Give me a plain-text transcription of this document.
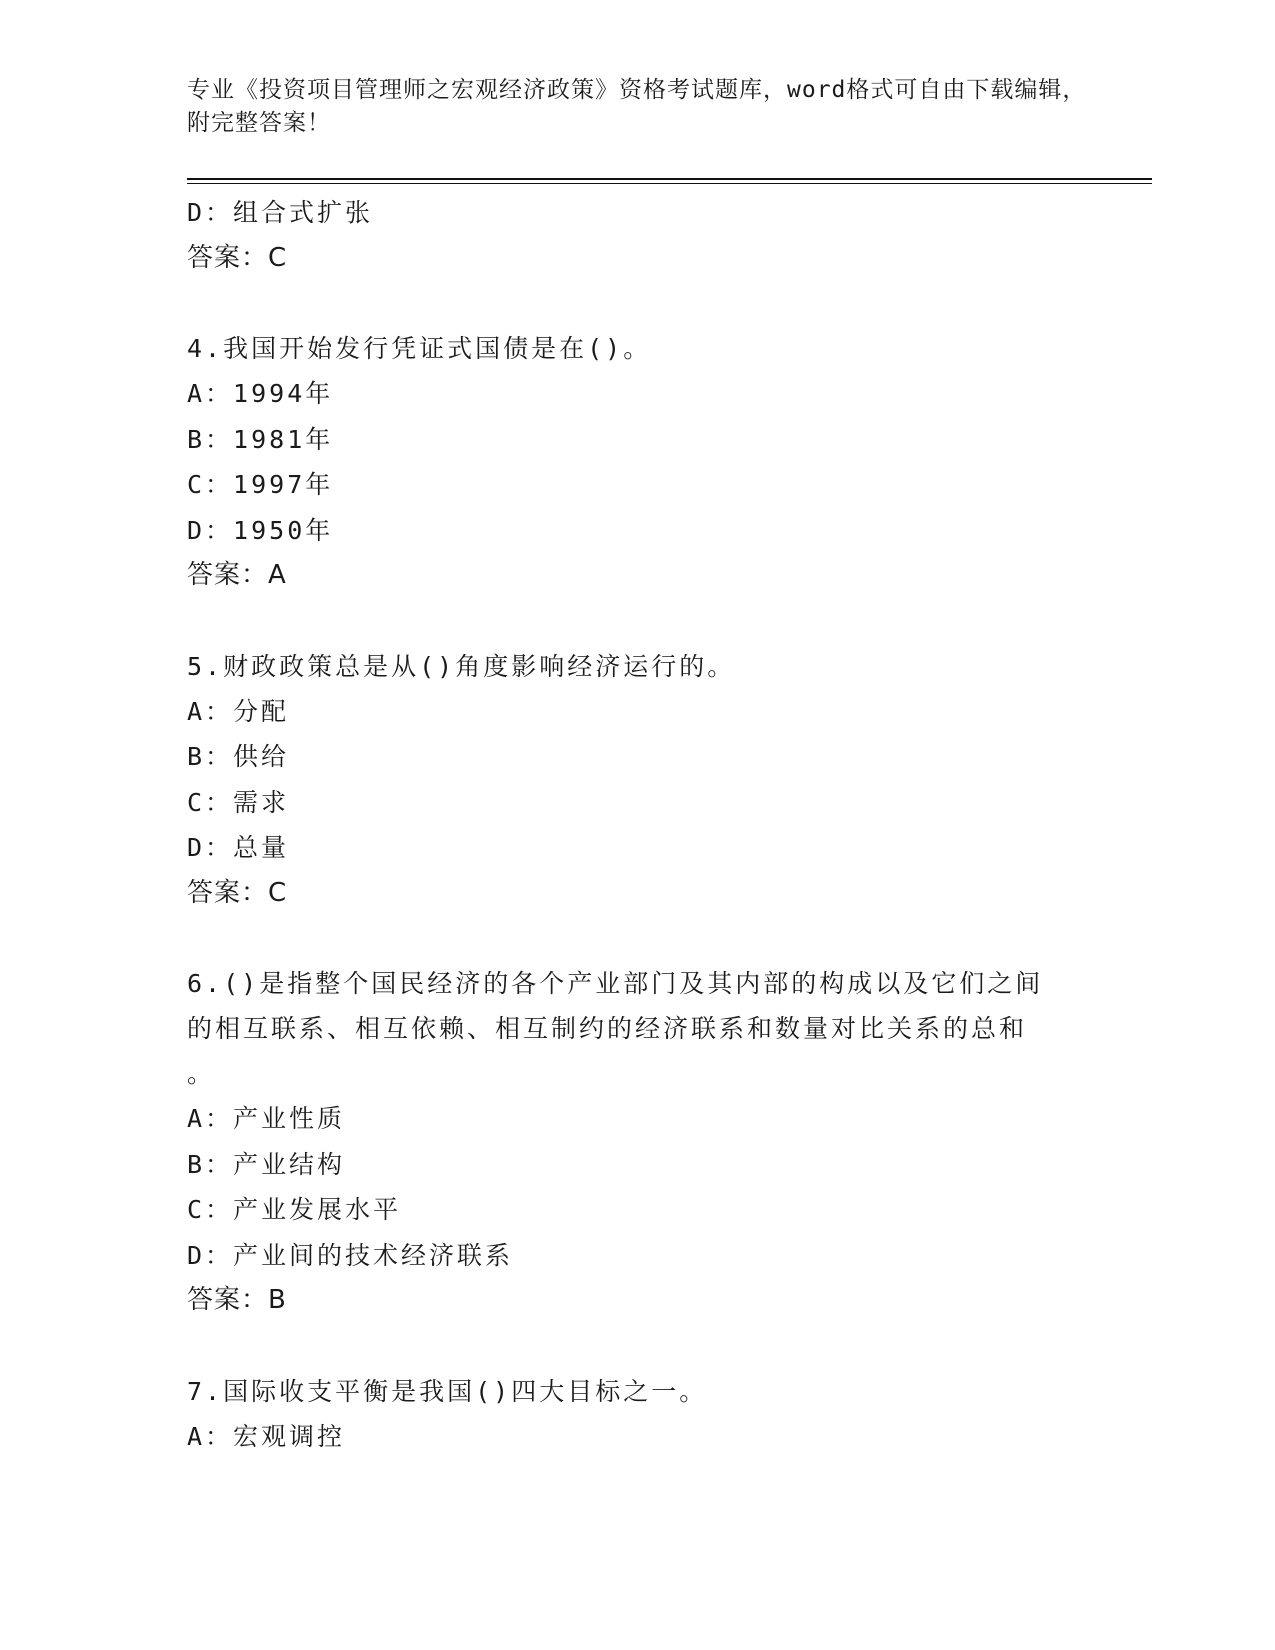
专业《投资项目管理师之宏观经济政策》资格考试题库，word格式可自由下载编辑，附完整答案！
D：组合式扩张
答案：C
4.我国开始发行凭证式国债是在()。
A：1994年
B：1981年
C：1997年
D：1950年
答案：A
5.财政政策总是从()角度影响经济运行的。
A：分配
B：供给
C：需求
D：总量
答案：C
6.()是指整个国民经济的各个产业部门及其内部的构成以及它们之间
的相互联系、相互依赖、相互制约的经济联系和数量对比关系的总和
。
A：产业性质
B：产业结构
C：产业发展水平
D：产业间的技术经济联系
答案：B
7.国际收支平衡是我国()四大目标之一。
A：宏观调控
